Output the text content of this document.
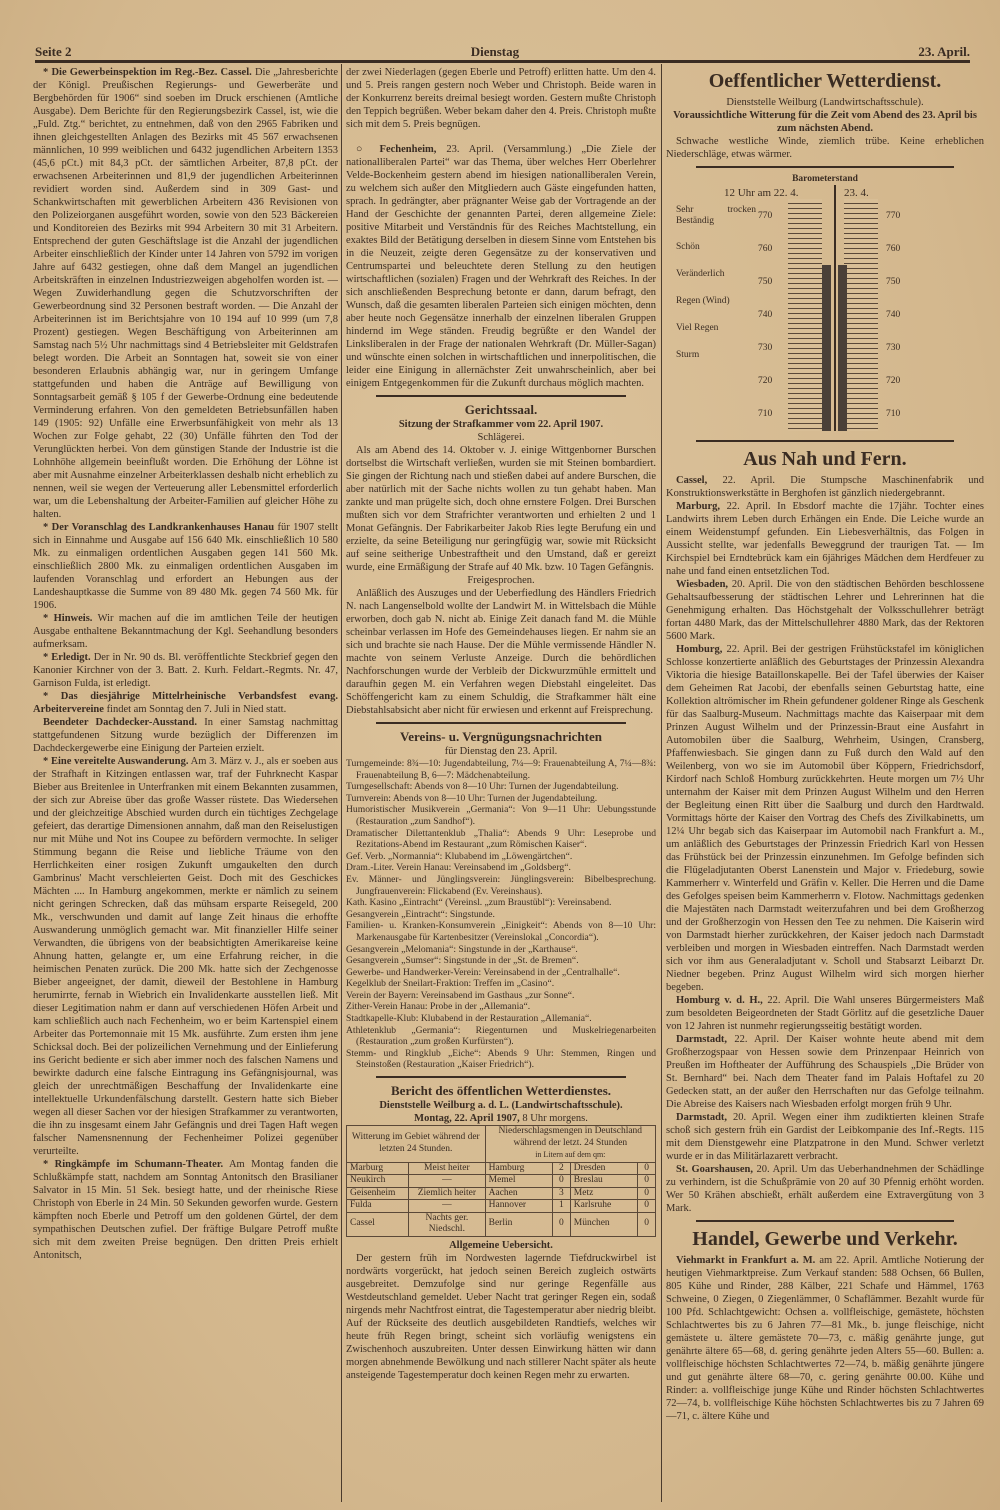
Seite 2	Dienstag	23. April.

* Die Gewerbeinspektion im Reg.-Bez. Cassel. Die „Jahresberichte der Königl. Preußischen Regierungs- und Gewerberäte und Bergbehörden für 1906“ sind soeben im Druck erschienen (Amtliche Ausgabe). Dem Berichte für den Regierungsbezirk Cassel, ist, wie die „Fuld. Ztg.“ berichtet, zu entnehmen, daß von den 2965 Fabriken und ihnen gleichgestellten Anlagen des Bezirks mit 45 567 erwachsenen männlichen, 10 999 weiblichen und 6432 jugendlichen Arbeitern 1353 (45,6 pCt.) mit 84,3 pCt. der sämtlichen Arbeiter, 87,8 pCt. der erwachsenen Arbeiterinnen und 81,9 der jugendlichen Arbeiterinnen revidiert worden sind. Außerdem sind in 309 Gast- und Schankwirtschaften mit gewerblichen Arbeitern 436 Revisionen von den Polizeiorganen ausgeführt worden, sowie von den 523 Bäckereien und Konditoreien des Bezirks mit 994 Arbeitern 30 mit 31 Arbeitern. Entsprechend der guten Geschäftslage ist die Anzahl der jugendlichen Arbeiter einschließlich der Kinder unter 14 Jahren von 5792 im vorigen Jahre auf 6432 gestiegen, ohne daß dem Mangel an jugendlichen Arbeitskräften in einzelnen Industriezweigen abgeholfen worden ist. — Wegen Zuwiderhandlung gegen die Schutzvorschriften der Gewerbeordnung sind 32 Personen bestraft worden. — Die Anzahl der Arbeiterinnen ist im Berichtsjahre von 10 194 auf 10 999 (um 7,8 Prozent) gestiegen. Wegen Beschäftigung von Arbeiterinnen am Samstag nach 5½ Uhr nachmittags sind 4 Betriebsleiter mit Geldstrafen belegt worden. Die Arbeit an Sonntagen hat, soweit sie von einer besonderen Erlaubnis abhängig war, nur in geringem Umfange stattgefunden und haben die Anträge auf Bewilligung von Sonntagsarbeit gemäß § 105 f der Gewerbe-Ordnung eine bedeutende Verminderung erfahren. Von den gemeldeten Betriebsunfällen haben 149 (1905: 92) Unfälle eine Erwerbsunfähigkeit von mehr als 13 Wochen zur Folge gehabt, 22 (30) Unfälle führten den Tod der Verunglückten herbei. Von dem günstigen Stande der Industrie ist die Lohnhöhe allgemein beeinflußt worden. Die Erhöhung der Löhne ist aber mit Ausnahme einzelner Arbeiterklassen deshalb nicht erheblich zu nennen, weil sie wegen der Verteuerung aller Lebensmittel erforderlich war, um die Lebenshaltung der Arbeiter-Familien auf gleicher Höhe zu halten.

* Der Voranschlag des Landkrankenhauses Hanau für 1907 stellt sich in Einnahme und Ausgabe auf 156 640 Mk. einschließlich 10 580 Mk. zu einmaligen ordentlichen Ausgaben gegen 141 560 Mk. einschließlich 2800 Mk. zu einmaligen ordentlichen Ausgaben im laufenden Voranschlag und erfordert an Hebungen aus der Landeshauptkasse die Summe von 89 480 Mk. gegen 74 560 Mk. für 1906.

* Hinweis. Wir machen auf die im amtlichen Teile der heutigen Ausgabe enthaltene Bekanntmachung der Kgl. Seehandlung besonders aufmerksam.

* Erledigt. Der in Nr. 90 ds. Bl. veröffentlichte Steckbrief gegen den Kanonier Kirchner von der 3. Batt. 2. Kurh. Feldart.-Regmts. Nr. 47, Garnison Fulda, ist erledigt.

* Das diesjährige Mittelrheinische Verbandsfest evang. Arbeitervereine findet am Sonntag den 7. Juli in Nied statt.

Beendeter Dachdecker-Ausstand. In einer Samstag nachmittag stattgefundenen Sitzung wurde bezüglich der Differenzen im Dachdeckergewerbe eine Einigung der Parteien erzielt.

* Eine vereitelte Auswanderung. Am 3. März v. J., als er soeben aus der Strafhaft in Kitzingen entlassen war, traf der Fuhrknecht Kaspar Bieber aus Breitenlee in Unterfranken mit einem Bekannten zusammen, der sich zur Abreise über das große Wasser rüstete. Das Wiedersehen und der gleichzeitige Abschied wurden durch ein tüchtiges Zechgelage gefeiert, das derartige Dimensionen annahm, daß man den Reiselustigen nur mit Mühe und Not ins Coupee zu befördern vermochte. In seliger Stimmung begann die Reise und liebliche Träume von den Herrlichkeiten einer rosigen Zukunft umgaukelten den durch Gambrinus' Macht verschleierten Geist. Doch mit des Geschickes Mächten .... In Hamburg angekommen, merkte er nämlich zu seinem nicht geringen Schrecken, daß das mühsam ersparte Reisegeld, 200 Mk., verschwunden und damit auf lange Zeit hinaus die erhoffte Auswanderung unmöglich gemacht war. Mit finanzieller Hilfe seiner Verwandten, die übrigens von der beabsichtigten Amerikareise keine Ahnung hatten, gelangte er, um eine Erfahrung reicher, in die heimischen Penaten zurück. Die 200 Mk. hatte sich der Zechgenosse Bieber angeeignet, der damit, dieweil der Bestohlene in Hamburg herumirrte, fernab in Wiebrich ein Invalidenkarte ausstellen ließ. Mit dieser Legitimation nahm er dann auf verschiedenen Höfen Arbeit und kam schließlich auch nach Fechenheim, wo er beim Kartenspiel einem Arbeiter das Portemonnaie mit 15 Mk. ausführte. Zum ersten ihm jene Schicksal doch. Bei der polizeilichen Vernehmung und der Einlieferung ins Gericht bediente er sich aber immer noch des falschen Namens und bewirkte dadurch eine falsche Eintragung ins Gefängnisjournal, was gleich der unrechtmäßigen Beschaffung der Invalidenkarte eine intellektuelle Urkundenfälschung darstellt. Gestern hatte sich Bieber wegen all dieser Sachen vor der hiesigen Strafkammer zu verantworten, die ihn zu insgesamt einem Jahr Gefängnis und drei Tagen Haft wegen falscher Namensnennung der Fechenheimer Polizei gegenüber verurteilte.

* Ringkämpfe im Schumann-Theater. Am Montag fanden die Schlußkämpfe statt, nachdem am Sonntag Antonitsch den Brasilianer Salvator in 15 Min. 51 Sek. besiegt hatte, und der rheinische Riese Christoph von Eberle in 24 Min. 50 Sekunden geworfen wurde. Gestern kämpften noch Eberle und Petroff um den goldenen Gürtel, der dem sympathischen Deutschen zufiel. Der fräftige Bulgare Petroff mußte sich mit dem zweiten Preise begnügen. Den dritten Preis erhielt Antonitsch,

der zwei Niederlagen (gegen Eberle und Petroff) erlitten hatte. Um den 4. und 5. Preis rangen gestern noch Weber und Christoph. Beide waren in der Konkurrenz bereits dreimal besiegt worden. Gestern mußte Christoph den Teppich begrüßen. Weber bekam daher den 4. Preis. Christoph mußte sich mit dem 5. Preis begnügen.

○ Fechenheim, 23. April. (Versammlung.) „Die Ziele der nationalliberalen Partei“ war das Thema, über welches Herr Oberlehrer Velde-Bockenheim gestern abend im hiesigen nationalliberalen Verein, zu welchem sich außer den Mitgliedern auch Gäste eingefunden hatten, sprach. In gedrängter, aber prägnanter Weise gab der Vortragende an der Hand der Geschichte der genannten Partei, deren allgemeine Ziele: positive Mitarbeit und Verständnis für des Reiches Machtstellung, ein exaktes Bild der Betätigung derselben in diesem Sinne vom Entstehen bis in die Neuzeit, zeigte deren Gegensätze zu der konservativen und Centrumspartei und beleuchtete deren Stellung zu den heutigen wirtschaftlichen (sozialen) Fragen und der Wehrkraft des Reiches. In der sich anschließenden Besprechung betonte er dann, darum befragt, den Wunsch, daß die gesamten liberalen Parteien sich einigen möchten, denn aber heute noch Gegensätze innerhalb der einzelnen liberalen Gruppen hindernd im Wege ständen. Freudig begrüßte er den Wandel der Linksliberalen in der Frage der nationalen Wehrkraft (Dr. Müller-Sagan) und wünschte einen solchen in wirtschaftlichen und innerpolitischen, die leider eine Einigung in allernächster Zeit unwahrscheinlich, aber bei einigem Entgegenkommen für die Zukunft durchaus möglich machten.

Gerichtssaal.
Sitzung der Strafkammer vom 22. April 1907.
Schlägerei.

Als am Abend des 14. Oktober v. J. einige Wittgenborner Burschen dortselbst die Wirtschaft verließen, wurden sie mit Steinen bombardiert. Sie gingen der Richtung nach und stießen dabei auf andere Burschen, die aber natürlich mit der Sache nichts wollen zu tun gehabt haben. Man zankte und man prügelte sich, doch ohne ernstere Folgen. Drei Burschen mußten sich vor dem Strafrichter verantworten und erhielten 2 und 1 Monat Gefängnis. Der Fabrikarbeiter Jakob Ries legte Berufung ein und erzielte, da seine Beteiligung nur geringfügig war, sowie mit Rücksicht auf seine seitherige Unbestraftheit und den Umstand, daß er gereizt wurde, eine Ermäßigung der Strafe auf 40 Mk. bzw. 10 Tagen Gefängnis.

Freigesprochen.

Anläßlich des Auszuges und der Ueberfiedlung des Händlers Friedrich N. nach Langenselbold wollte der Landwirt M. in Wittelsbach die Mühle erworben, doch gab N. nicht ab. Einige Zeit danach fand M. die Mühle scheinbar verlassen im Hofe des Gemeindehauses liegen. Er nahm sie an sich und brachte sie nach Hause. Der die Mühle vermissende Händler N. machte von seinem Verluste Anzeige. Durch die behördlichen Nachforschungen wurde der Verbleib der Dickwurzmühle ermittelt und daraufhin gegen M. ein Verfahren wegen Diebstahl eingeleitet. Das Schöffengericht kam zu einem Schuldig, die Strafkammer hält eine Diebstahlsabsicht aber nicht für erwiesen und erkennt auf Freisprechung.

Vereins- u. Vergnügungsnachrichten
für Dienstag den 23. April.
Turngemeinde: 8¾—10: Jugendabteilung, 7¼—9: Frauenabteilung A, 7¼—8¾: Frauenabteilung B, 6—7: Mädchenabteilung.
Turngesellschaft: Abends von 8—10 Uhr: Turnen der Jugendabteilung.
Turnverein: Abends von 8—10 Uhr: Turnen der Jugendabteilung.
Humoristischer Musikverein „Germania“: Von 9—11 Uhr: Uebungsstunde (Restauration „zum Sandhof“).
Dramatischer Dilettantenklub „Thalia“: Abends 9 Uhr: Leseprobe und Rezitations-Abend im Restaurant „zum Römischen Kaiser“.
Gef. Verb. „Normannia“: Klubabend im „Löwengärtchen“.
Dram.-Liter. Verein Hanau: Vereinsabend im „Goldsberg“.
Ev. Männer- und Jünglingsverein: Jünglingsverein: Bibelbesprechung. Jungfrauenverein: Flickabend (Ev. Vereinshaus).
Kath. Kasino „Eintracht“ (Vereinsl. „zum Braustübl“): Vereinsabend.
Gesangverein „Eintracht“: Singstunde.
Familien- u. Kranken-Konsumverein „Einigkeit“: Abends von 8—10 Uhr: Markenausgabe für Kartenbesitzer (Vereinslokal „Concordia“).
Gesangverein „Melomania“: Singstunde in der „Karthause“.
Gesangverein „Sumser“: Singstunde in der „St. de Bremen“.
Gewerbe- und Handwerker-Verein: Vereinsabend in der „Centralhalle“.
Kegelklub der Sneilart-Fraktion: Treffen im „Casino“.
Verein der Bayern: Vereinsabend im Gasthaus „zur Sonne“.
Zither-Verein Hanau: Probe in der „Allemania“.
Stadtkapelle-Klub: Klubabend in der Restauration „Allemania“.
Athletenklub „Germania“: Riegenturnen und Muskelriegenarbeiten (Restauration „zum großen Kurfürsten“).
Stemm- und Ringklub „Eiche“: Abends 9 Uhr: Stemmen, Ringen und Steinstoßen (Restauration „Kaiser Friedrich“).
Bericht des öffentlichen Wetterdienstes.
Dienststelle Weilburg a. d. L. (Landwirtschaftsschule).
Montag, 22. April 1907, 8 Uhr morgens.
Witterung im Gebiet während der letzten 24 Stunden.		Niederschlagsmengen in Deutschland während der letzt. 24 Stunden
in Litern auf dem qm:			
Marburg	Meist heiter	Hamburg	2	Dresden	0
Neukirch	—	Memel	0	Breslau	0
Geisenheim	Ziemlich heiter	Aachen	3	Metz	0
Fulda	—	Hannover	1	Karlsruhe	0
Cassel	Nachts ger. Niedschl.	Berlin	0	München	0
Allgemeine Uebersicht.

Der gestern früh im Nordwesten lagernde Tiefdruckwirbel ist nordwärts vorgerückt, hat jedoch seinen Bereich zugleich ostwärts ausgebreitet. Demzufolge sind nur geringe Regenfälle aus Westdeutschland gemeldet. Ueber Nacht trat geringer Regen ein, sodaß nirgends mehr Nachtfrost eintrat, die Tagestemperatur aber niedrig bleibt. Auf der Rückseite des deutlich ausgebildeten Randtiefs, welches wir heute früh Regen bringt, scheint sich vorläufig wenigstens ein Zwischenhoch auszubreiten. Unter dessen Einwirkung hätten wir dann morgen abnehmende Bewölkung und nach stillerer Nacht später als heute ansteigende Tagestemperatur doch keinen Regen mehr zu erwarten.

Oeffentlicher Wetterdienst.
Dienststelle Weilburg (Landwirtschaftsschule).
Voraussichtliche Witterung für die Zeit vom Abend des 23. April bis zum nächsten Abend.

Schwache westliche Winde, ziemlich trübe. Keine erheblichen Niederschläge, etwas wärmer.

Barometerstand
12 Uhr am 22. 4.	23. 4.
770	770
760	760
750	750
740	740
730	730
720	720
710	710
Sehr trocken Beständig
Schön
Veränderlich
Regen (Wind)
Viel Regen
Sturm
Aus Nah und Fern.

Cassel, 22. April. Die Stumpsche Maschinenfabrik und Konstruktionswerkstätte in Berghofen ist gänzlich niedergebrannt.

Marburg, 22. April. In Ebsdorf machte die 17jähr. Tochter eines Landwirts ihrem Leben durch Erhängen ein Ende. Die Leiche wurde an einem Weidenstumpf gefunden. Ein Liebesverhältnis, das Folgen in Aussicht stellte, war jedenfalls Beweggrund der traurigen Tat. — Im Kirchspiel bei Erndtebrück kam ein 6jähriges Mädchen dem Herdfeuer zu nahe und fand einen entsetzlichen Tod.

Wiesbaden, 20. April. Die von den städtischen Behörden beschlossene Gehaltsaufbesserung der städtischen Lehrer und Lehrerinnen hat die Genehmigung erhalten. Das Höchstgehalt der Volksschullehrer beträgt fortan 4480 Mark, das der Mittelschullehrer 4880 Mark, das der Rektoren 5600 Mark.

Homburg, 22. April. Bei der gestrigen Frühstückstafel im königlichen Schlosse konzertierte anläßlich des Geburtstages der Prinzessin Alexandra Viktoria die hiesige Bataillonskapelle. Bei der Tafel überwies der Kaiser dem Geheimen Rat Jacobi, der ebenfalls seinen Geburtstag hatte, eine Kollektion altrömischer im Rhein gefundener goldener Ringe als Geschenk für das Saalburg-Museum. Nachmittags machte das Kaiserpaar mit dem Prinzen August Wilhelm und der Prinzessin-Braut eine Ausfahrt in Automobilen über die Saalburg, Wehrheim, Usingen, Cransberg, Pfaffenwiesbach. Sie gingen dann zu Fuß durch den Wald auf den Weilenberg, von wo sie im Automobil über Köppern, Friedrichsdorf, Kirdorf nach Schloß Homburg zurückkehrten. Heute morgen um 7½ Uhr unternahm der Kaiser mit dem Prinzen August Wilhelm und den Herren der Begleitung einen Ritt über die Saalburg und durch den Hardtwald. Vormittags hörte der Kaiser den Vortrag des Chefs des Zivilkabinetts, um 12¼ Uhr begab sich das Kaiserpaar im Automobil nach Frankfurt a. M., um anläßlich des Geburtstages der Prinzessin Friedrich Karl von Hessen das Frühstück bei der Prinzessin einzunehmen. Im Gefolge befinden sich die Flügeladjutanten Oberst Lanenstein und Major v. Friedeburg, sowie Kammerherr v. Winterfeld und Gräfin v. Keller. Die Herren und die Dame des Gefolges speisen beim Kammerherrn v. Flotow. Nachmittags gedenken die Majestäten nach Darmstadt weiterzufahren und bei dem Großherzog und der Großherzogin von Hessen den Tee zu nehmen. Die Kaiserin wird von Darmstadt hierher zurückkehren, der Kaiser jedoch nach Darmstadt verbleiben und morgen in Wiesbaden eintreffen. Nach Darmstadt werden sich vor ihm aus Generaladjutant v. Scholl und Stabsarzt Leibarzt Dr. Niedner begeben. Prinz August Wilhelm wird sich morgen hierher begeben.

Homburg v. d. H., 22. April. Die Wahl unseres Bürgermeisters Maß zum besoldeten Beigeordneten der Stadt Görlitz auf die gesetzliche Dauer von 12 Jahren ist nunmehr regierungsseitig bestätigt worden.

Darmstadt, 22. April. Der Kaiser wohnte heute abend mit dem Großherzogspaar von Hessen sowie dem Prinzenpaar Heinrich von Preußen im Hoftheater der Aufführung des Schauspiels „Die Brüder von St. Bernhard“ bei. Nach dem Theater fand im Palais Hoftafel zu 20 Gedecken statt, an der außer den Herrschaften nur das Gefolge teilnahm. Die Abreise des Kaisers nach Wiesbaden erfolgt morgen früh 9 Uhr.

Darmstadt, 20. April. Wegen einer ihm zudiktierten kleinen Strafe schoß sich gestern früh ein Gardist der Leibkompanie des Inf.-Regts. 115 mit dem Dienstgewehr eine Platzpatrone in den Mund. Schwer verletzt wurde er in das Militärlazarett verbracht.

St. Goarshausen, 20. April. Um das Ueberhandnehmen der Schädlinge zu verhindern, ist die Schußprämie von 20 auf 30 Pfennig erhöht worden. Wer 50 Krähen abschießt, erhält außerdem eine Extravergütung von 3 Mark.

Handel, Gewerbe und Verkehr.

Viehmarkt in Frankfurt a. M. am 22. April. Amtliche Notierung der heutigen Viehmarktpreise. Zum Verkauf standen: 588 Ochsen, 66 Bullen, 805 Kühe und Rinder, 288 Kälber, 221 Schafe und Hämmel, 1763 Schweine, 0 Ziegen, 0 Ziegenlämmer, 0 Schaflämmer. Bezahlt wurde für 100 Pfd. Schlachtgewicht: Ochsen a. vollfleischige, gemästete, höchsten Schlachtwertes bis zu 6 Jahren 77—81 Mk., b. junge fleischige, nicht gemästete u. ältere gemästete 70—73, c. mäßig genährte junge, gut genährte ältere 65—68, d. gering genährte jeden Alters 55—60. Bullen: a. vollfleischige höchsten Schlachtwertes 72—74, b. mäßig genährte jüngere und gut genährte ältere 68—70, c. gering genährte 00.00. Kühe und Rinder: a. vollfleischige junge Kühe und Rinder höchsten Schlachtwertes 72—74, b. vollfleischige Kühe höchsten Schlachtwertes bis zu 7 Jahren 69—71, c. ältere Kühe und
